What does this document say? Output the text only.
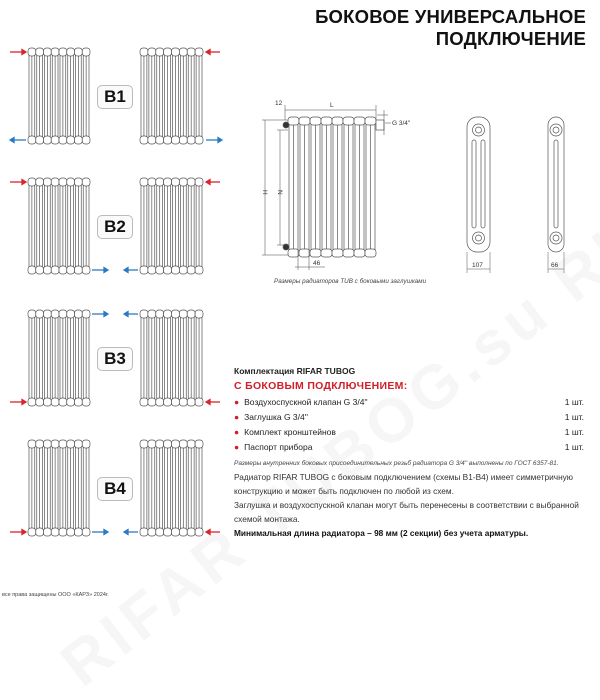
БОКОВОЕ УНИВЕРСАЛЬНОЕ
ПОДКЛЮЧЕНИЕ
B1
B2
B3
B4
12	L
G 3/4''
H N
46	107	66
Размеры радиаторов TUB с боковыми заглушками
Комплектация RIFAR TUBOG
С БОКОВЫМ ПОДКЛЮЧЕНИЕМ:
● Воздухоспускной клапан G 3/4''	1 шт.
● Заглушка G 3/4''	1 шт.
● Комплект кронштейнов	1 шт.
● Паспорт прибора	1 шт.
Размеры внутренних боковых присоединительных резьб радиатора G 3/4'' выполнены по ГОСТ 6357-81.
Радиатор RIFAR TUBOG с боковым подключением (схемы B1-B4) имеет симметричную конструкцию и может быть подключен по любой из схем.
Заглушка и воздухоспускной клапан могут быть перенесены в соответствии с выбранной схемой монтажа.
Минимальная длина радиатора – 98 мм (2 секции) без учета арматуры.
все права защищены ООО «КАРЗ» 2024г.
